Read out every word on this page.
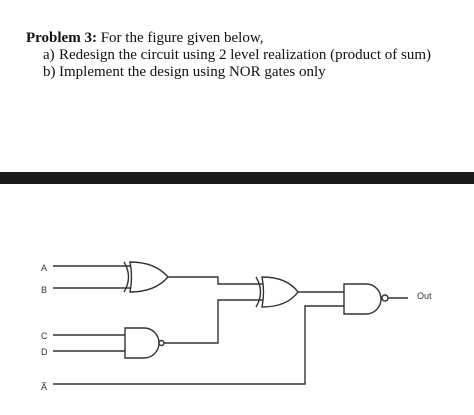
Problem 3: For the figure given below,
a) Redesign the circuit using 2 level realization (product of sum)
b) Implement the design using NOR gates only
A
B
C
D
A̅
Out
